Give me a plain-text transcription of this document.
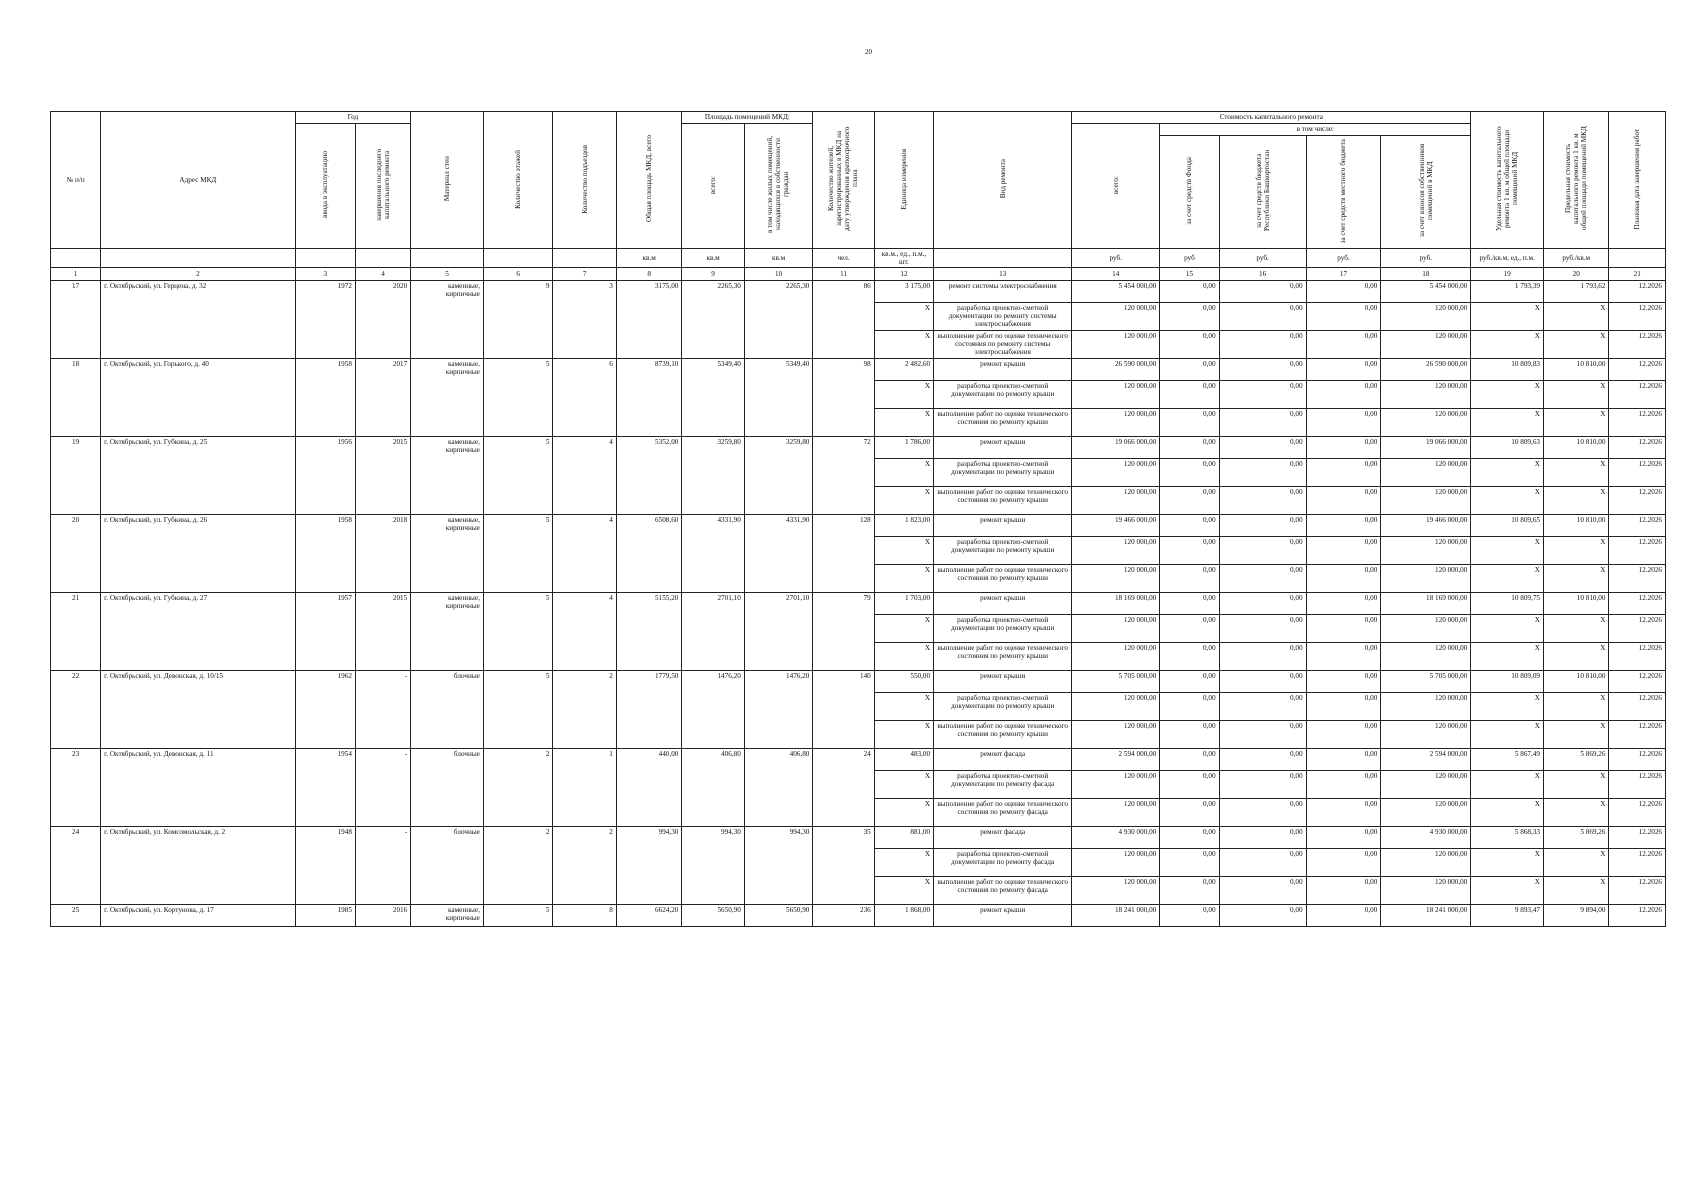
20
№ п/п	Адрес МКД	Год		Материал стен	Количество этажей	Количество подъездов	Общая площадь МКД, всего	Площадь помещений МКД:		Количество жителей, зарегистрированных в МКД на дату утверждения краткосрочного плана	Единица измерения	Вид ремонта	Стоимость капитального ремонта					Удельная стоимость капитального ремонта 1 кв. м общей площади помещений МКД	Предельная стоимость капитального ремонта 1 кв. м общей площади помещений МКД	Плановая дата завершения работ
		ввода в эксплуатацию	завершения последнего капитального ремонта					всего:	в том числе жилых помещений, находящихся в собственности граждан				всего:	в том числе:						
														за счет средств Фонда	за счет средств бюджета Республики Башкортостан	за счет средств местного бюджета	за счет взносов собственников помещений в МКД			
							кв.м	кв.м	кв.м	чел.	кв.м., ед., п.м., шт.		руб.	руб	руб.	руб.	руб.	руб./кв.м, ед., п.м.	руб./кв.м	
1	2	3	4	5	6	7	8	9	10	11	12	13	14	15	16	17	18	19	20	21
17	г. Октябрьский, ул. Герцена, д. 32	1972	2020	каменные, кирпичные	9	3	3175,00	2265,30	2265,30	86	3 175,00	ремонт системы электроснабжения	5 454 000,00	0,00	0,00	0,00	5 454 000,00	1 793,39	1 793,62	12.2026
											X	разработка проектно-сметной документации по ремонту системы электроснабжения	120 000,00	0,00	0,00	0,00	120 000,00	X	X	12.2026
											X	выполнение работ по оценке технического состояния по ремонту системы электроснабжения	120 000,00	0,00	0,00	0,00	120 000,00	X	X	12.2026
18	г. Октябрьский, ул. Горького, д. 40	1958	2017	каменные, кирпичные	5	6	8739,10	5349,40	5349,40	98	2 482,60	ремонт крыши	26 590 000,00	0,00	0,00	0,00	26 590 000,00	10 809,83	10 810,00	12.2026
											X	разработка проектно-сметной документации по ремонту крыши	120 000,00	0,00	0,00	0,00	120 000,00	X	X	12.2026
											X	выполнение работ по оценке технического состояния по ремонту крыши	120 000,00	0,00	0,00	0,00	120 000,00	X	X	12.2026
19	г. Октябрьский, ул. Губкина, д. 25	1956	2015	каменные, кирпичные	5	4	5352,00	3259,80	3259,80	72	1 786,00	ремонт крыши	19 066 000,00	0,00	0,00	0,00	19 066 000,00	10 809,63	10 810,00	12.2026
											X	разработка проектно-сметной документации по ремонту крыши	120 000,00	0,00	0,00	0,00	120 000,00	X	X	12.2026
											X	выполнение работ по оценке технического состояния по ремонту крыши	120 000,00	0,00	0,00	0,00	120 000,00	X	X	12.2026
20	г. Октябрьский, ул. Губкина, д. 26	1958	2018	каменные, кирпичные	5	4	6508,60	4331,90	4331,90	128	1 823,00	ремонт крыши	19 466 000,00	0,00	0,00	0,00	19 466 000,00	10 809,65	10 810,00	12.2026
											X	разработка проектно-сметной документации по ремонту крыши	120 000,00	0,00	0,00	0,00	120 000,00	X	X	12.2026
											X	выполнение работ по оценке технического состояния по ремонту крыши	120 000,00	0,00	0,00	0,00	120 000,00	X	X	12.2026
21	г. Октябрьский, ул. Губкина, д. 27	1957	2015	каменные, кирпичные	5	4	5155,20	2701,10	2701,10	79	1 703,00	ремонт крыши	18 169 000,00	0,00	0,00	0,00	18 169 000,00	10 809,75	10 810,00	12.2026
											X	разработка проектно-сметной документации по ремонту крыши	120 000,00	0,00	0,00	0,00	120 000,00	X	X	12.2026
											X	выполнение работ по оценке технического состояния по ремонту крыши	120 000,00	0,00	0,00	0,00	120 000,00	X	X	12.2026
22	г. Октябрьский, ул. Девонская, д. 10/15	1962	-	блочные	5	2	1779,50	1476,20	1476,20	140	550,00	ремонт крыши	5 705 000,00	0,00	0,00	0,00	5 705 000,00	10 809,09	10 810,00	12.2026
											X	разработка проектно-сметной документации по ремонту крыши	120 000,00	0,00	0,00	0,00	120 000,00	X	X	12.2026
											X	выполнение работ по оценке технического состояния по ремонту крыши	120 000,00	0,00	0,00	0,00	120 000,00	X	X	12.2026
23	г. Октябрьский, ул. Девонская, д. 11	1954	-	блочные	2	1	440,00	406,80	406,80	24	483,00	ремонт фасада	2 594 000,00	0,00	0,00	0,00	2 594 000,00	5 867,49	5 869,26	12.2026
											X	разработка проектно-сметной документации по ремонту фасада	120 000,00	0,00	0,00	0,00	120 000,00	X	X	12.2026
											X	выполнение работ по оценке технического состояния по ремонту фасада	120 000,00	0,00	0,00	0,00	120 000,00	X	X	12.2026
24	г. Октябрьский, ул. Комсомольская, д. 2	1948	-	блочные	2	2	994,30	994,30	994,30	35	881,00	ремонт фасада	4 930 000,00	0,00	0,00	0,00	4 930 000,00	5 868,33	5 869,26	12.2026
											X	разработка проектно-сметной документации по ремонту фасада	120 000,00	0,00	0,00	0,00	120 000,00	X	X	12.2026
											X	выполнение работ по оценке технического состояния по ремонту фасада	120 000,00	0,00	0,00	0,00	120 000,00	X	X	12.2026
25	г. Октябрьский, ул. Кортунова, д. 17	1985	2016	каменные, кирпичные	5	8	6624,20	5650,90	5650,90	236	1 868,00	ремонт крыши	18 241 000,00	0,00	0,00	0,00	18 241 000,00	9 893,47	9 894,00	12.2026
